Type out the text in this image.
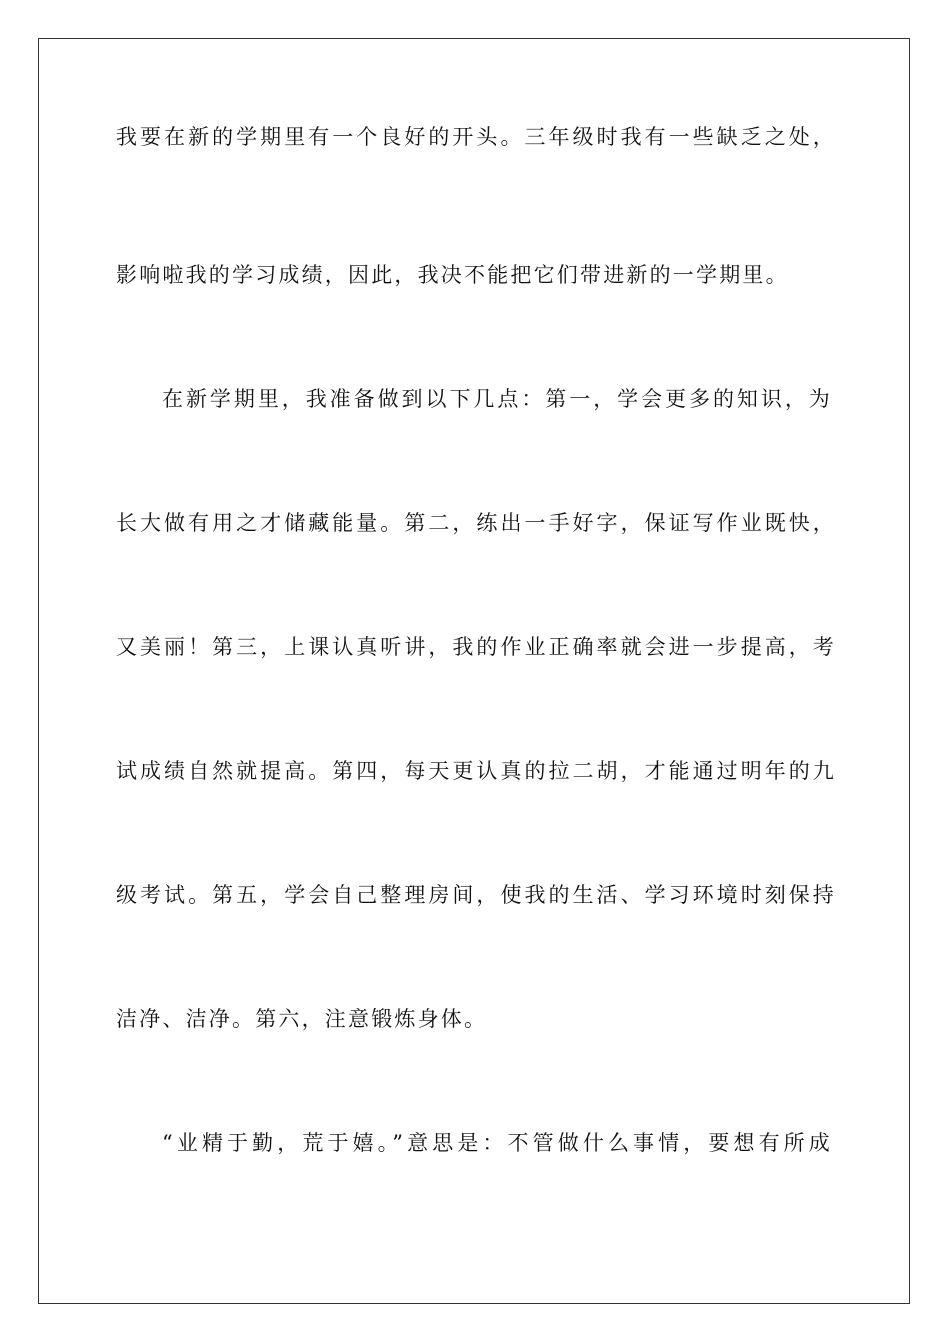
我要在新的学期里有一个良好的开头。三年级时我有一些缺乏之处，
影响啦我的学习成绩，因此，我决不能把它们带进新的一学期里。
在新学期里，我准备做到以下几点：第一，学会更多的知识，为
长大做有用之才储藏能量。第二，练出一手好字，保证写作业既快，
又美丽！第三，上课认真听讲，我的作业正确率就会进一步提高，考
试成绩自然就提高。第四，每天更认真的拉二胡，才能通过明年的九
级考试。第五，学会自己整理房间，使我的生活、学习环境时刻保持
洁净、洁净。第六，注意锻炼身体。
“业精于勤，荒于嬉。”意思是：不管做什么事情，要想有所成
